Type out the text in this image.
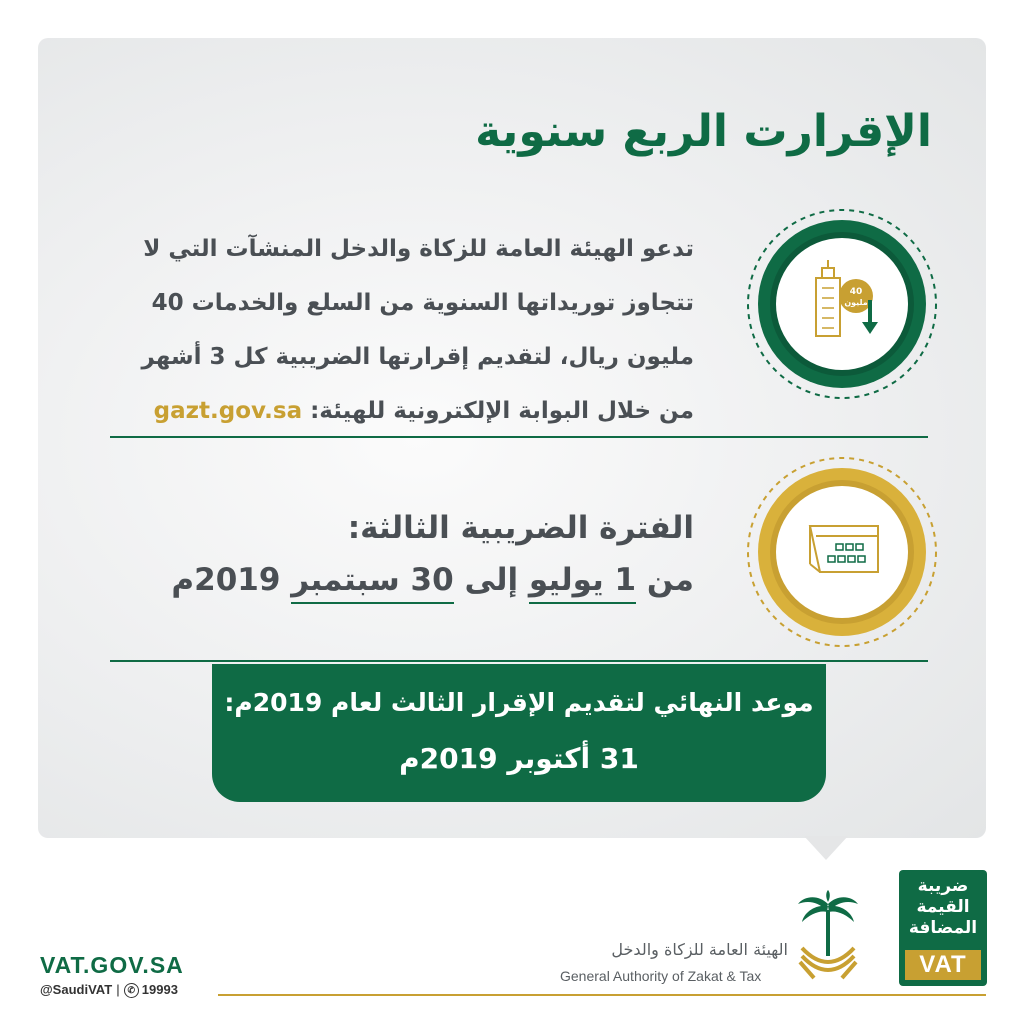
الإقرارت الربع سنوية
40
مليون
تدعو الهيئة العامة للزكاة والدخل المنشآت التي لا
تتجاوز توريداتها السنوية من السلع والخدمات 40
مليون ريال، لتقديم إقرارتها الضريبية كل 3 أشهر
من خلال البوابة الإلكترونية للهيئة: gazt.gov.sa
الفترة الضريبية الثالثة:
من 1 يوليو إلى 30 سبتمبر 2019م
موعد النهائي لتقديم الإقرار الثالث لعام 2019م:
31 أكتوبر 2019م
VAT.GOV.SA
@SaudiVAT | ✆ 19993
الهيئة العامة للزكاة والدخل
General Authority of Zakat & Tax
ضريبة
القيمة
المضافة
VAT
